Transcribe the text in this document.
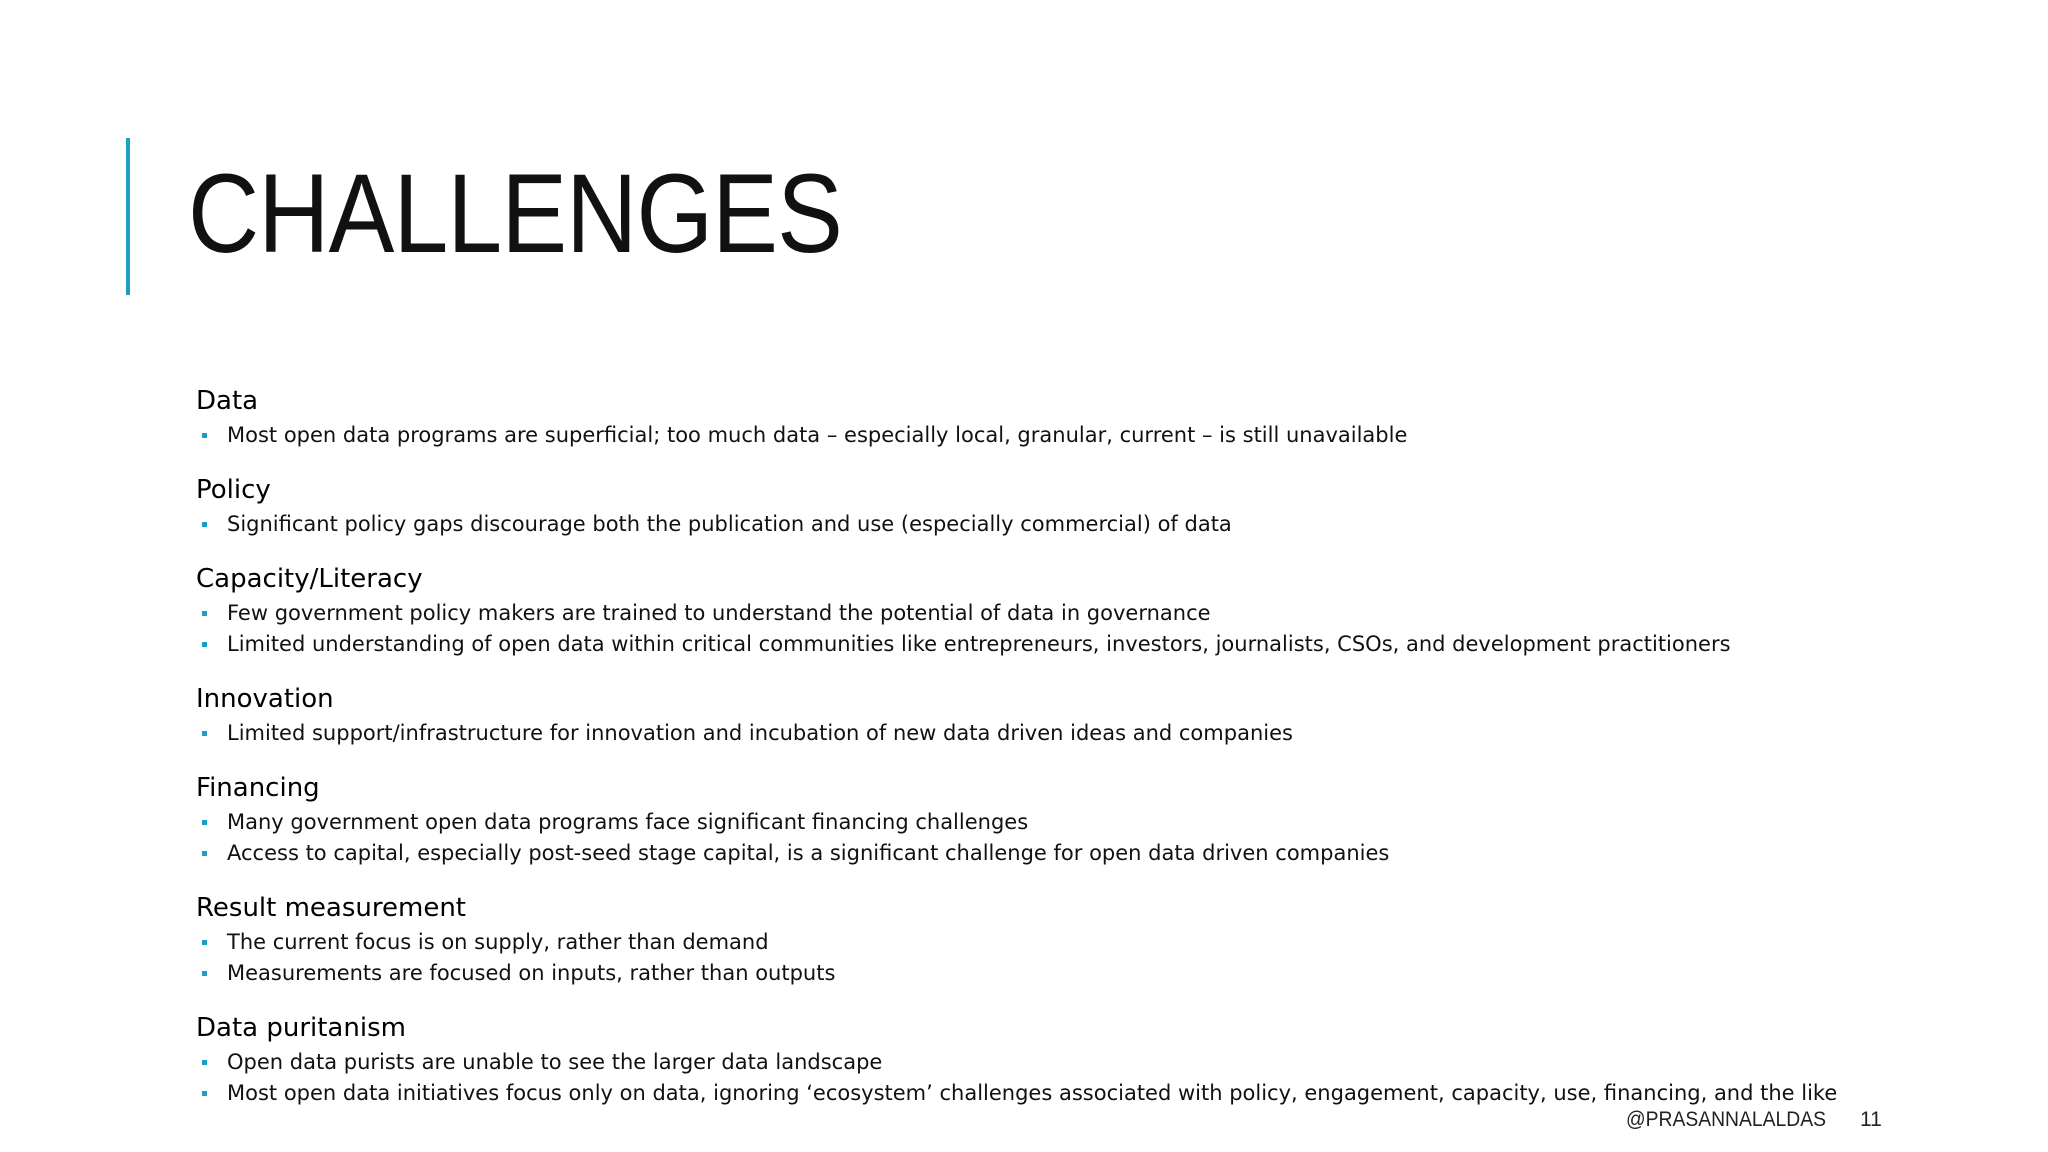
CHALLENGES
Data
Most open data programs are superficial; too much data – especially local, granular, current – is still unavailable
Policy
Significant policy gaps discourage both the publication and use (especially commercial) of data
Capacity/Literacy
Few government policy makers are trained to understand the potential of data in governance
Limited understanding of open data within critical communities like entrepreneurs, investors, journalists, CSOs, and development practitioners
Innovation
Limited support/infrastructure for innovation and incubation of new data driven ideas and companies
Financing
Many government open data programs face significant financing challenges
Access to capital, especially post-seed stage capital, is a significant challenge for open data driven companies
Result measurement
The current focus is on supply, rather than demand
Measurements are focused on inputs, rather than outputs
Data puritanism
Open data purists are unable to see the larger data landscape
Most open data initiatives focus only on data, ignoring ‘ecosystem’ challenges associated with policy, engagement, capacity, use, financing, and the like
@PRASANNALALDAS 11
